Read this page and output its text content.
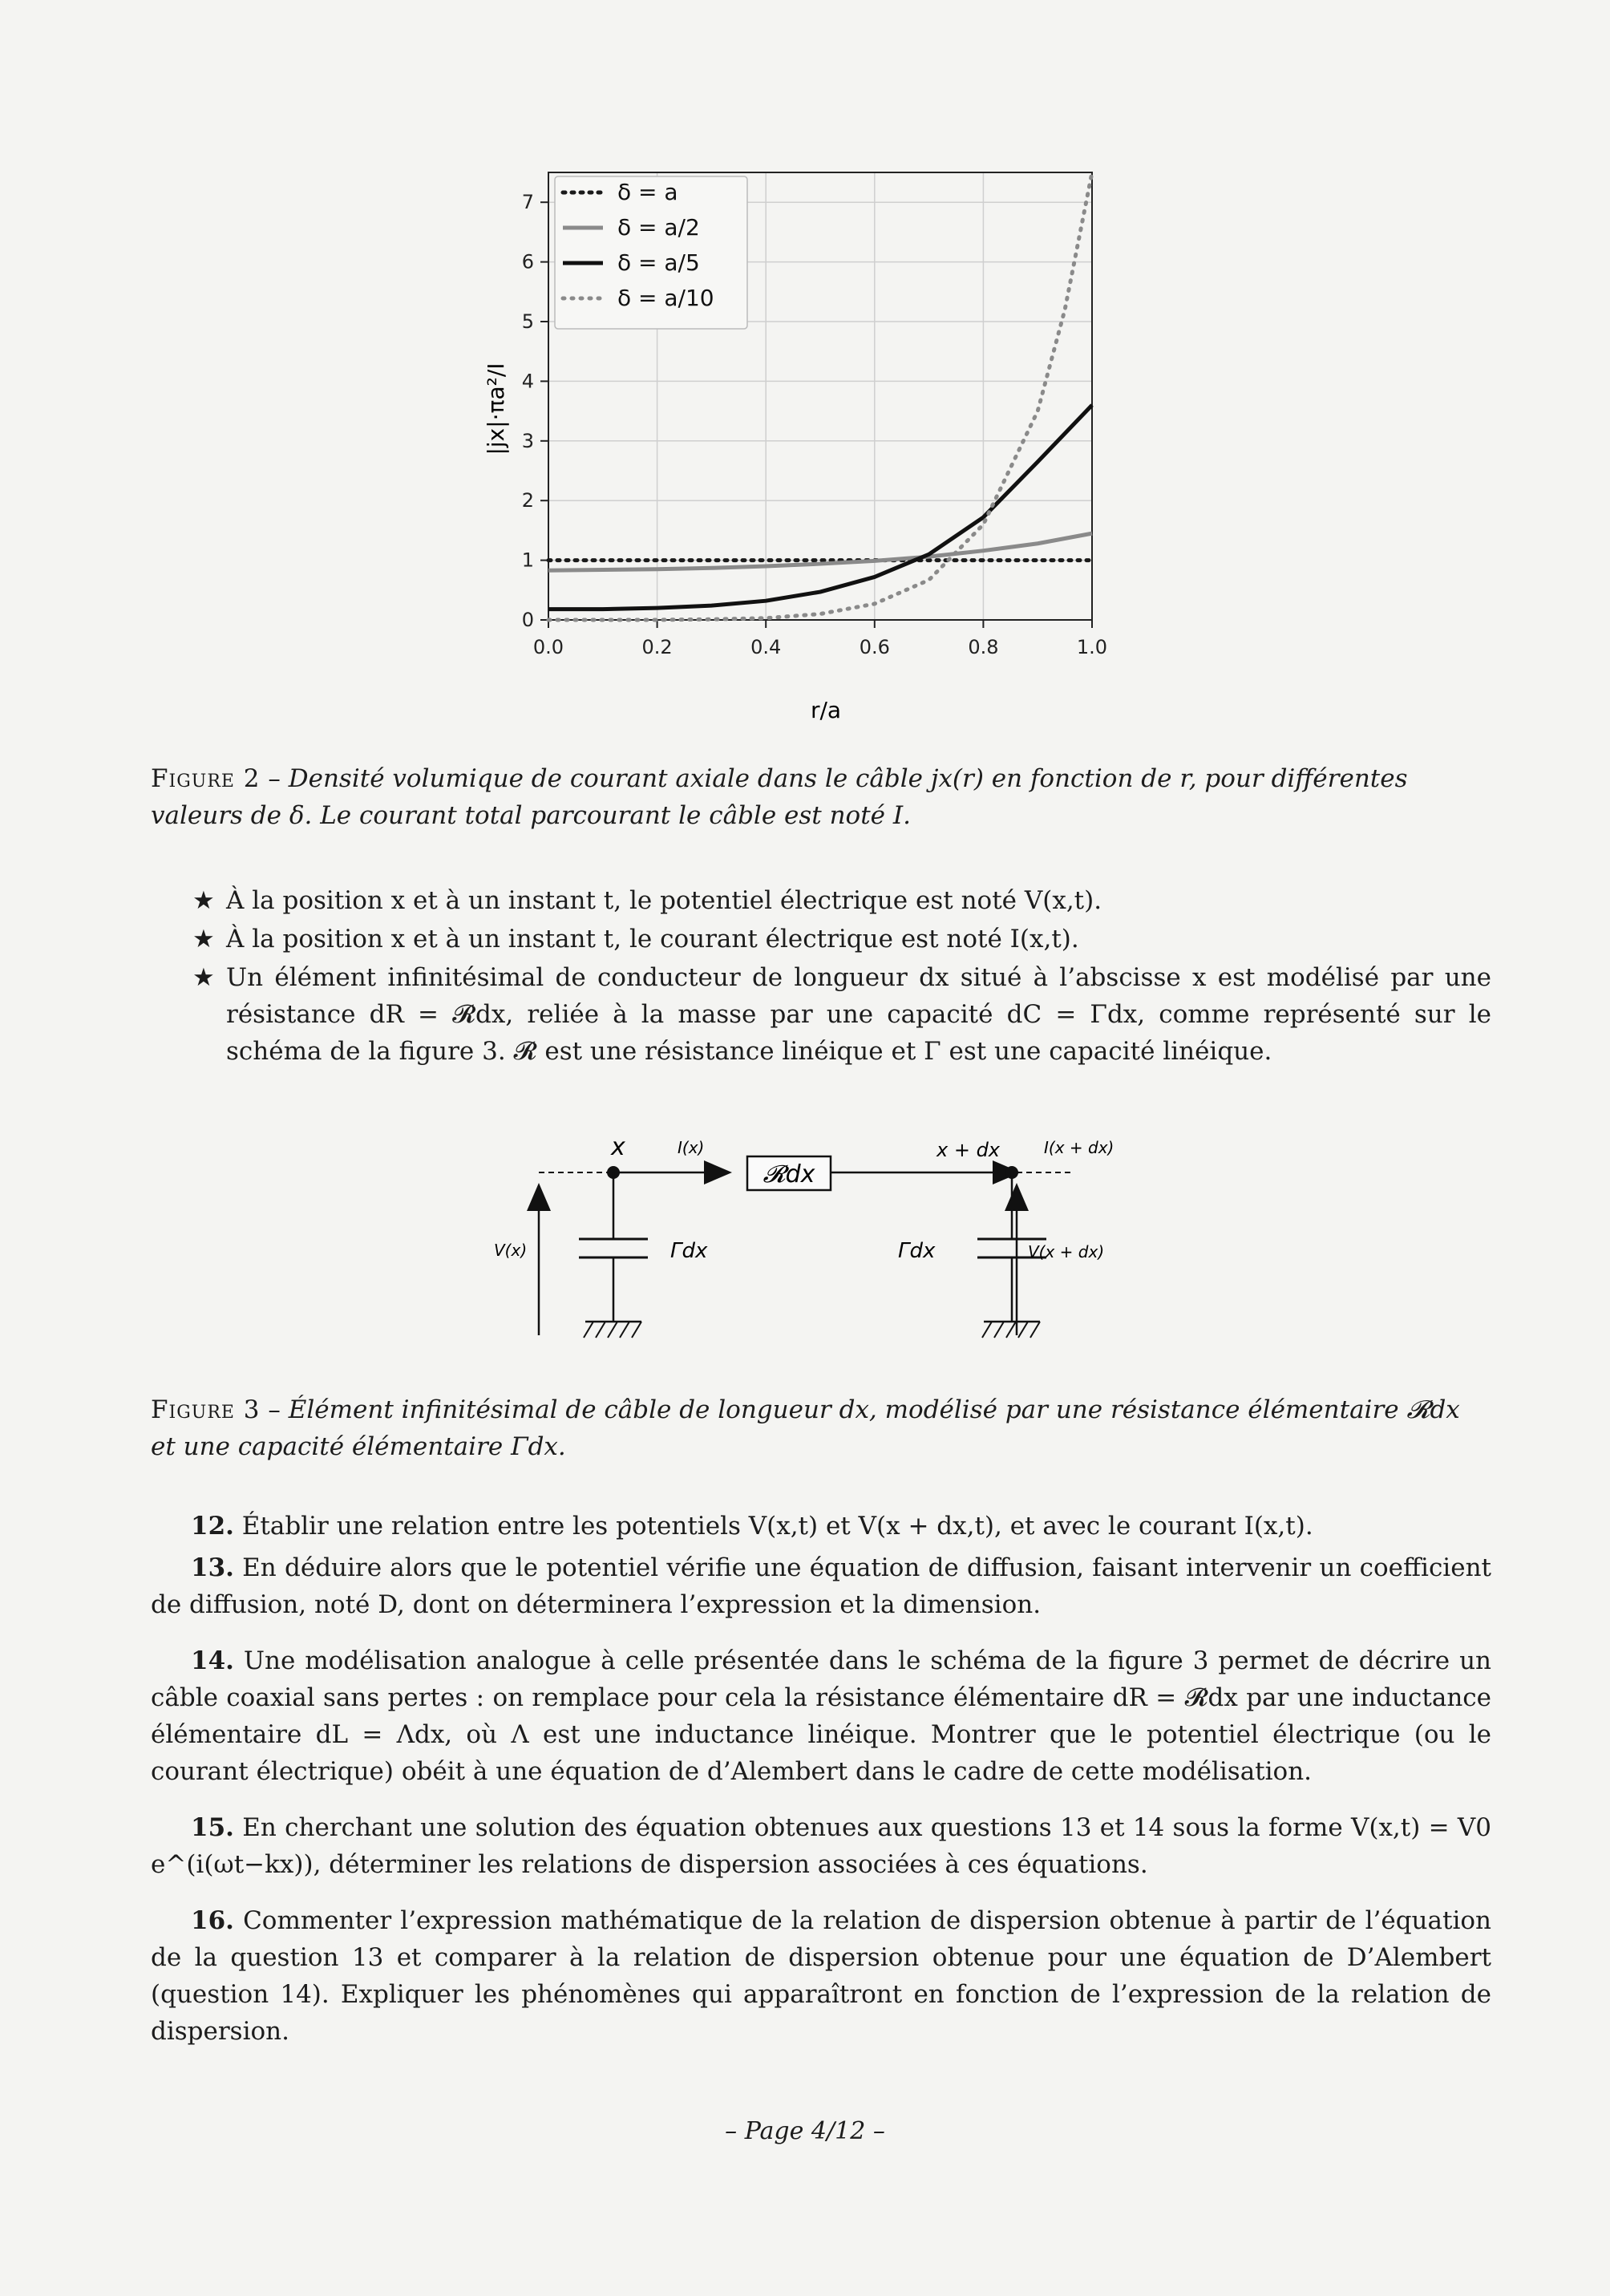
0.0	0.2	0.4	0.6	0.8	1.0
0
1
2
3
4
5
6
7	δ = a
δ = a/2
δ = a/5
δ = a/10
|jx|·πa²/I
r/a
Figure 2 – Densité volumique de courant axiale dans le câble jx(r) en fonction de r, pour différentes valeurs de δ. Le courant total parcourant le câble est noté I.
★ À la position x et à un instant t, le potentiel électrique est noté V(x,t).
★ À la position x et à un instant t, le courant électrique est noté I(x,t).
★ Un élément infinitésimal de conducteur de longueur dx situé à l’abscisse x est modélisé par une résistance dR = 𝓡dx, reliée à la masse par une capacité dC = Γdx, comme représenté sur le schéma de la figure 3. 𝓡 est une résistance linéique et Γ est une capacité linéique.
x	I(x)	x + dx	I(x + dx)
𝓡dx
Γdx
V(x)	Γdx	V(x + dx)
Figure 3 – Élément infinitésimal de câble de longueur dx, modélisé par une résistance élémentaire 𝓡dx et une capacité élémentaire Γdx.
12. Établir une relation entre les potentiels V(x,t) et V(x + dx,t), et avec le courant I(x,t).
13. En déduire alors que le potentiel vérifie une équation de diffusion, faisant intervenir un coefficient de diffusion, noté D, dont on déterminera l’expression et la dimension.
14. Une modélisation analogue à celle présentée dans le schéma de la figure 3 permet de décrire un câble coaxial sans pertes : on remplace pour cela la résistance élémentaire dR = 𝓡dx par une inductance élémentaire dL = Λdx, où Λ est une inductance linéique. Montrer que le potentiel électrique (ou le courant électrique) obéit à une équation de d’Alembert dans le cadre de cette modélisation.
15. En cherchant une solution des équation obtenues aux questions 13 et 14 sous la forme V(x,t) = V0 e^(i(ωt−kx)), déterminer les relations de dispersion associées à ces équations.
16. Commenter l’expression mathématique de la relation de dispersion obtenue à partir de l’équation de la question 13 et comparer à la relation de dispersion obtenue pour une équation de D’Alembert (question 14). Expliquer les phénomènes qui apparaîtront en fonction de l’expression de la relation de dispersion.
– Page 4/12 –
